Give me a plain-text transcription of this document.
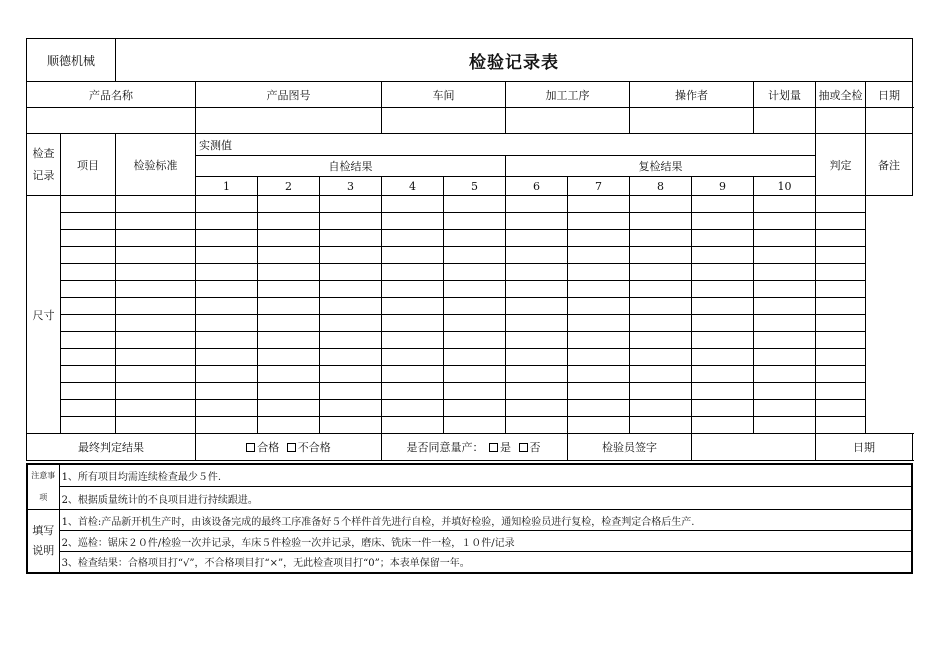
顺德机械		检验记录表													
产品名称			产品图号			车间		加工工序		操作者		计划量	抽或全检	日期	

检查记录	项目	检验标准	实测值										判定	备注	
			自检结果					复检结果							
			1	2	3	4	5	6	7	8	9	10			
尺寸															

最终判定结果			合格 不合格			是否同意量产： 是 否			检验员签字				日期		
注意事项	1、所有项目均需连续检查最少５件.
	2、根据质量统计的不良项目进行持续跟进。
填写说明	1、首检:产品新开机生产时，由该设备完成的最终工序准备好５个样件首先进行自检，并填好检验，通知检验员进行复检，检查判定合格后生产.
	2、巡检：锯床２０件/检验一次并记录，车床５件检验一次并记录，磨床、铣床一件一检，１０件/记录
	3、检查结果：合格项目打“√”，不合格项目打“×”，无此检查项目打“0”；本表单保留一年。
